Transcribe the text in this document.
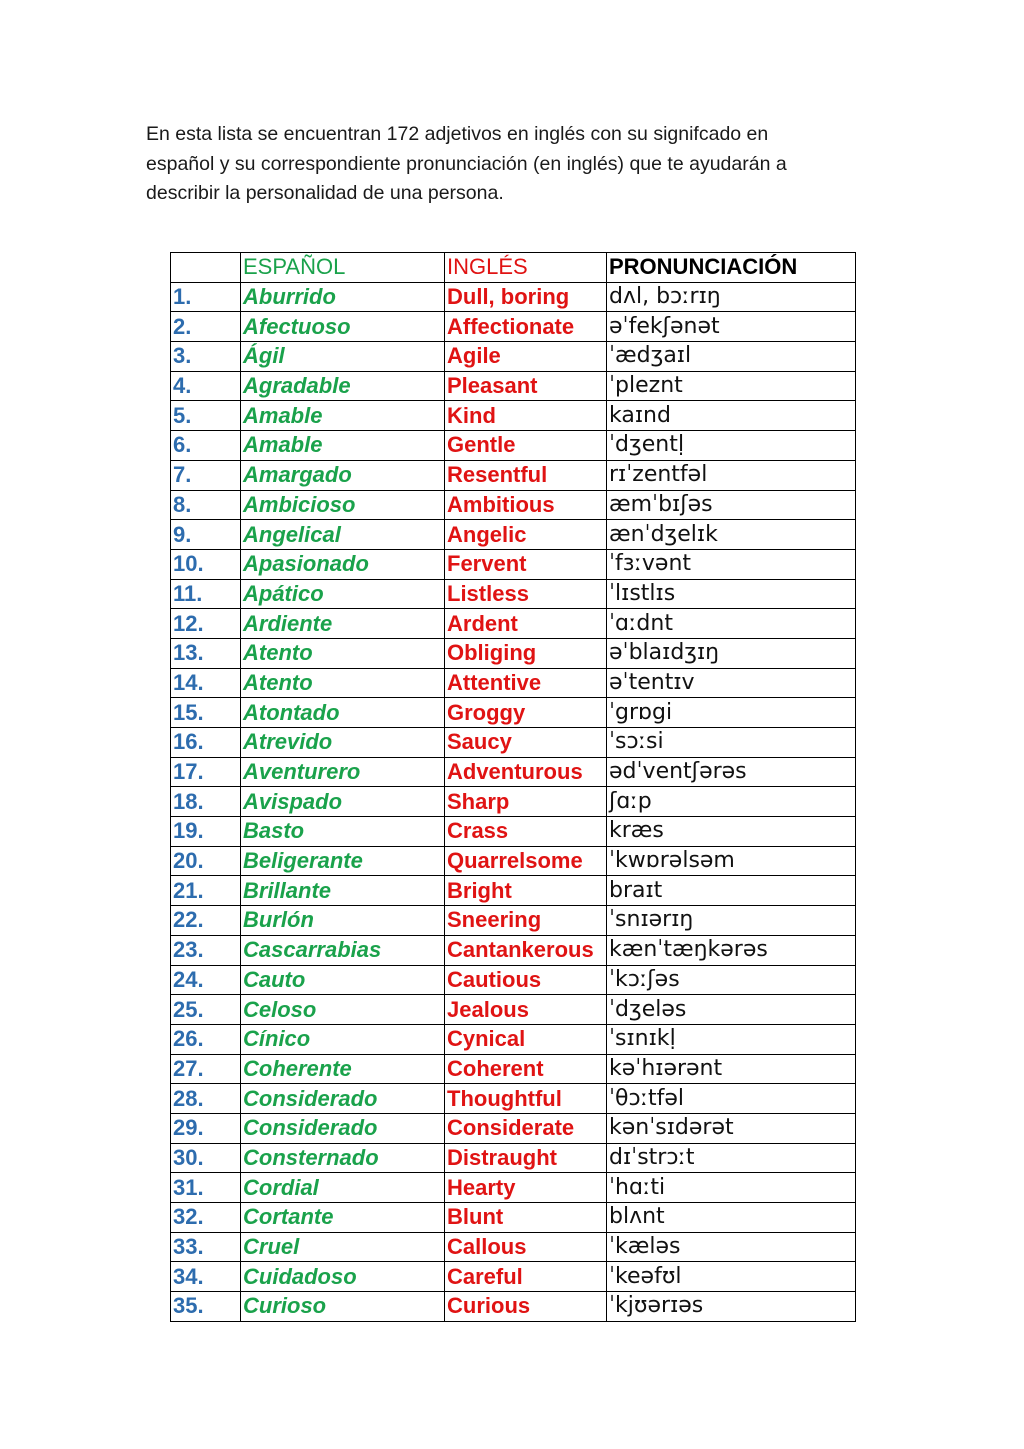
En esta lista se encuentran 172 adjetivos en inglés con su signifcado en
español y su correspondiente pronunciación (en inglés) que te ayudarán a
describir la personalidad de una persona.

	ESPAÑOL	INGLÉS	PRONUNCIACIÓN
1.	Aburrido	Dull, boring	dʌl, bɔːrɪŋ
2.	Afectuoso	Affectionate	əˈfekʃənət
3.	Ágil	Agile	ˈædʒaɪl
4.	Agradable	Pleasant	ˈpleznt
5.	Amable	Kind	kaɪnd
6.	Amable	Gentle	ˈdʒentḷ
7.	Amargado	Resentful	rɪˈzentfəl
8.	Ambicioso	Ambitious	æmˈbɪʃəs
9.	Angelical	Angelic	ænˈdʒelɪk
10.	Apasionado	Fervent	ˈfɜːvənt
11.	Apático	Listless	ˈlɪstlɪs
12.	Ardiente	Ardent	ˈɑːdnt
13.	Atento	Obliging	əˈblaɪdʒɪŋ
14.	Atento	Attentive	əˈtentɪv
15.	Atontado	Groggy	ˈgrɒgi
16.	Atrevido	Saucy	ˈsɔːsi
17.	Aventurero	Adventurous	ədˈventʃərəs
18.	Avispado	Sharp	ʃɑːp
19.	Basto	Crass	kræs
20.	Beligerante	Quarrelsome	ˈkwɒrəlsəm
21.	Brillante	Bright	braɪt
22.	Burlón	Sneering	ˈsnɪərɪŋ
23.	Cascarrabias	Cantankerous	kænˈtæŋkərəs
24.	Cauto	Cautious	ˈkɔːʃəs
25.	Celoso	Jealous	ˈdʒeləs
26.	Cínico	Cynical	ˈsɪnɪkḷ
27.	Coherente	Coherent	kəˈhɪərənt
28.	Considerado	Thoughtful	ˈθɔːtfəl
29.	Considerado	Considerate	kənˈsɪdərət
30.	Consternado	Distraught	dɪˈstrɔːt
31.	Cordial	Hearty	ˈhɑːti
32.	Cortante	Blunt	blʌnt
33.	Cruel	Callous	ˈkæləs
34.	Cuidadoso	Careful	ˈkeəfʊl
35.	Curioso	Curious	ˈkjʊərɪəs
